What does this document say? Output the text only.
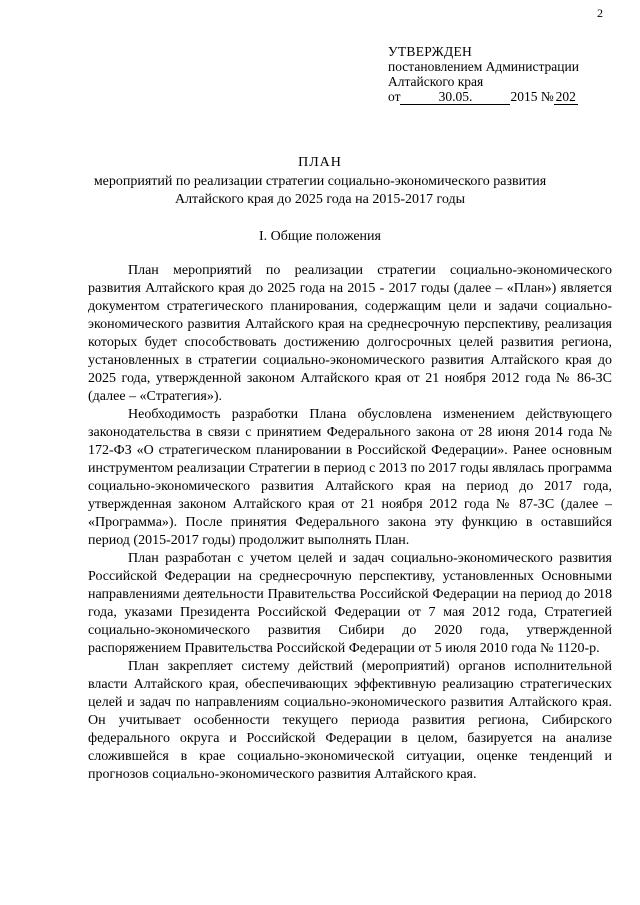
2
УТВЕРЖДЕН
постановлением Администрации
Алтайского края
от	30.05.	2015 № 202
ПЛАН
мероприятий по реализации стратегии социально-экономического развития
Алтайского края до 2025 года на 2015-2017 годы
I. Общие положения

План мероприятий по реализации стратегии социально-экономического развития Алтайского края до 2025 года на 2015 - 2017 годы (далее – «План») является документом стратегического планирования, содержащим цели и задачи социально-экономического развития Алтайского края на среднесрочную перспективу, реализация которых будет способствовать достижению долгосрочных целей развития региона, установленных в стратегии социально-экономического развития Алтайского края до 2025 года, утвержденной законом Алтайского края от 21 ноября 2012 года № 86-ЗС (далее – «Стратегия»).

Необходимость разработки Плана обусловлена изменением действующего законодательства в связи с принятием Федерального закона от 28 июня 2014 года № 172-ФЗ «О стратегическом планировании в Российской Федерации». Ранее основным инструментом реализации Стратегии в период с 2013 по 2017 годы являлась программа социально-экономического развития Алтайского края на период до 2017 года, утвержденная законом Алтайского края от 21 ноября 2012 года № 87-ЗС (далее – «Программа»). После принятия Федерального закона эту функцию в оставшийся период (2015-2017 годы) продолжит выполнять План.

План разработан с учетом целей и задач социально-экономического развития Российской Федерации на среднесрочную перспективу, установленных Основными направлениями деятельности Правительства Российской Федерации на период до 2018 года, указами Президента Российской Федерации от 7 мая 2012 года, Стратегией социально-экономического развития Сибири до 2020 года, утвержденной распоряжением Правительства Российской Федерации от 5 июля 2010 года № 1120-р.

План закрепляет систему действий (мероприятий) органов исполнительной власти Алтайского края, обеспечивающих эффективную реализацию стратегических целей и задач по направлениям социально-экономического развития Алтайского края. Он учитывает особенности текущего периода развития региона, Сибирского федерального округа и Российской Федерации в целом, базируется на анализе сложившейся в крае социально-экономической ситуации, оценке тенденций и прогнозов социально-экономического развития Алтайского края.
